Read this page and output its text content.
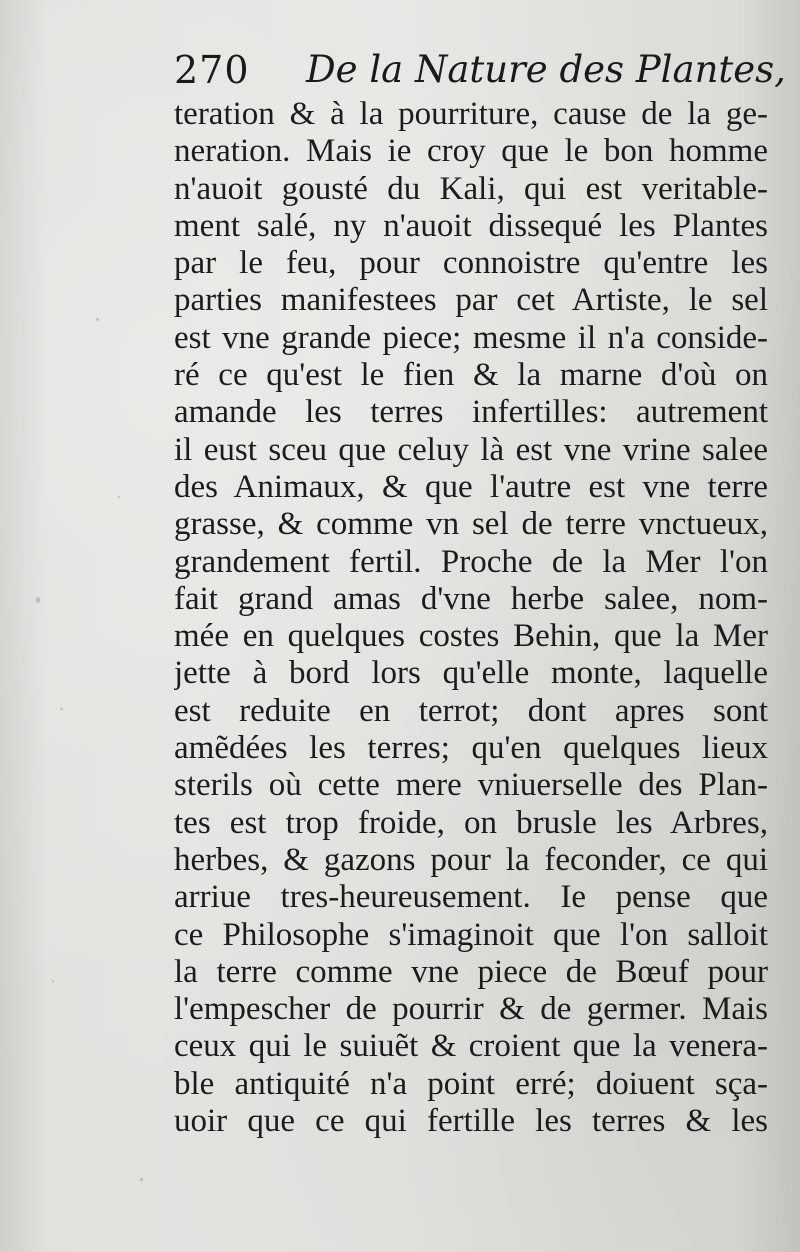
270 De la Nature des Plantes,
teration & à la pourriture, cause de la ge-
neration. Mais ie croy que le bon homme
n'auoit gousté du Kali, qui est veritable-
ment salé, ny n'auoit dissequé les Plantes
par le feu, pour connoistre qu'entre les
parties manifestees par cet Artiste, le sel
est vne grande piece; mesme il n'a conside-
ré ce qu'est le fien & la marne d'où on
amande les terres infertilles: autrement
il eust sceu que celuy là est vne vrine salee
des Animaux, & que l'autre est vne terre
grasse, & comme vn sel de terre vnctueux,
grandement fertil. Proche de la Mer l'on
fait grand amas d'vne herbe salee, nom-
mée en quelques costes Behin, que la Mer
jette à bord lors qu'elle monte, laquelle
est reduite en terrot; dont apres sont
amẽdées les terres; qu'en quelques lieux
sterils où cette mere vniuerselle des Plan-
tes est trop froide, on brusle les Arbres,
herbes, & gazons pour la feconder, ce qui
arriue tres-heureusement. Ie pense que
ce Philosophe s'imaginoit que l'on salloit
la terre comme vne piece de Bœuf pour
l'empescher de pourrir & de germer. Mais
ceux qui le suiuẽt & croient que la venera-
ble antiquité n'a point erré; doiuent sça-
uoir que ce qui fertille les terres & les
